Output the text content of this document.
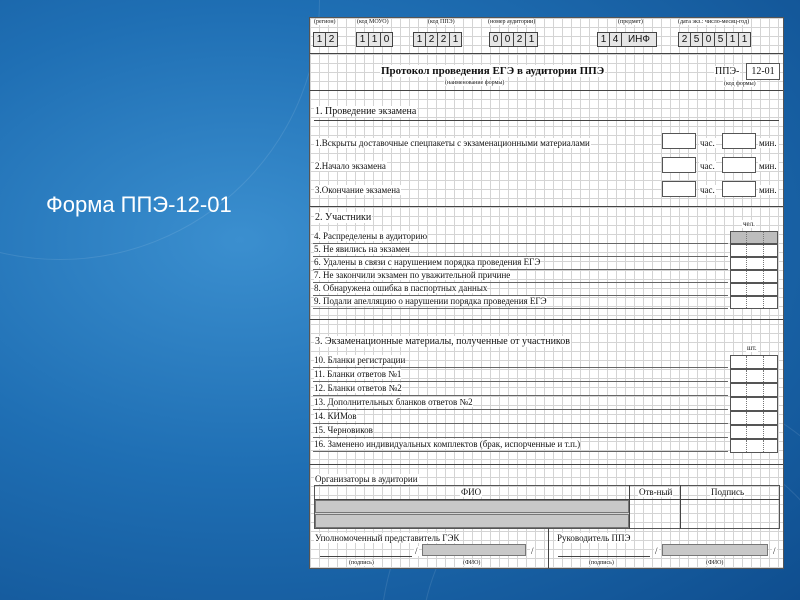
Форма ППЭ-12-01
(регион)	(код МОУО)	(код ППЭ)	(номер аудитории)	(предмет)	(дата экз.: число-месяц-год)
1 2	1 1 0	1 2 2 1	0 0 2 1	1 4 ИНФ	2 5 0 5 1 1
Протокол проведения ЕГЭ в аудитории ППЭ
(наименование формы)
ППЭ-	12-01
(код формы)
1. Проведение экзамена
1.Вскрыты доставочные спецпакеты с экзаменационными материалами	час.	мин.
2.Начало экзамена	час.	мин.
3.Окончание экзамена	час.	мин.
2. Участники
чел.
4. Распределены в аудиторию
5. Не явились на экзамен
6. Удалены в связи с нарушением порядка проведения ЕГЭ
7. Не закончили экзамен по уважительной причине
8. Обнаружена ошибка в паспортных данных
9. Подали апелляцию о нарушении порядка проведения ЕГЭ
3. Экзаменационные материалы, полученные от участников
шт.
10. Бланки регистрации
11. Бланки ответов №1
12. Бланки ответов №2
13. Дополнительных бланков ответов №2
14. КИМов
15. Черновиков
16. Заменено индивидуальных комплектов (брак, испорченные и т.п.)
Организаторы в аудитории
ФИО	Отв-ный	Подпись
Уполномоченный представитель ГЭК	Руководитель ППЭ
/	/
(подпись)	(ФИО)
/	/
(подпись)	(ФИО)
